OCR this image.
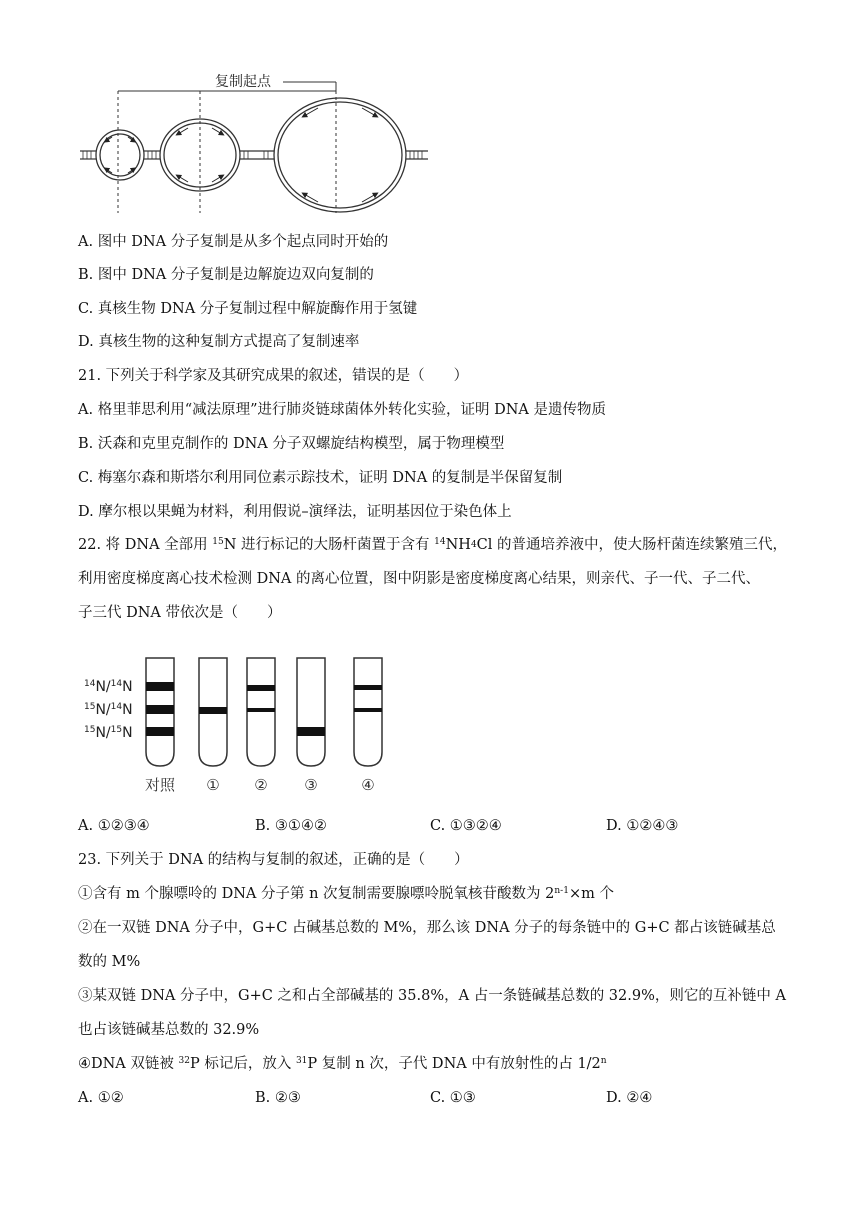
复制起点
A. 图中 DNA 分子复制是从多个起点同时开始的
B. 图中 DNA 分子复制是边解旋边双向复制的
C. 真核生物 DNA 分子复制过程中解旋酶作用于氢键
D. 真核生物的这种复制方式提高了复制速率
21. 下列关于科学家及其研究成果的叙述，错误的是（　　）
A. 格里菲思利用“减法原理”进行肺炎链球菌体外转化实验，证明 DNA 是遗传物质
B. 沃森和克里克制作的 DNA 分子双螺旋结构模型，属于物理模型
C. 梅塞尔森和斯塔尔利用同位素示踪技术，证明 DNA 的复制是半保留复制
D. 摩尔根以果蝇为材料，利用假说–演绎法，证明基因位于染色体上
22. 将 DNA 全部用 $^{15}$N 进行标记的大肠杆菌置于含有 $^{14}$NH4Cl 的普通培养液中，使大肠杆菌连续繁殖三代，
利用密度梯度离心技术检测 DNA 的离心位置，图中阴影是密度梯度离心结果，则亲代、子一代、子二代、
子三代 DNA 带依次是（　　）
$^{14}$N/$^{14}$N
$^{15}$N/$^{14}$N
$^{15}$N/$^{15}$N
对照 ① ② ③	④
A. ①②③④	B. ③①④②	C. ①③②④	D. ①②④③
23. 下列关于 DNA 的结构与复制的叙述，正确的是（　　）
①含有 m 个腺嘌呤的 DNA 分子第 n 次复制需要腺嘌呤脱氧核苷酸数为 $2^{n-1}\times m$ 个
②在一双链 DNA 分子中，G+C 占碱基总数的 M%，那么该 DNA 分子的每条链中的 G+C 都占该链碱基总
数的 M%
③某双链 DNA 分子中，G+C 之和占全部碱基的 35.8%，A 占一条链碱基总数的 32.9%，则它的互补链中 A
也占该链碱基总数的 32.9%
④DNA 双链被 $^{32}$P 标记后，放入 $^{31}$P 复制 n 次，子代 DNA 中有放射性的占 1/2$^n$
A. ①②	B. ②③	C. ①③	D. ②④
